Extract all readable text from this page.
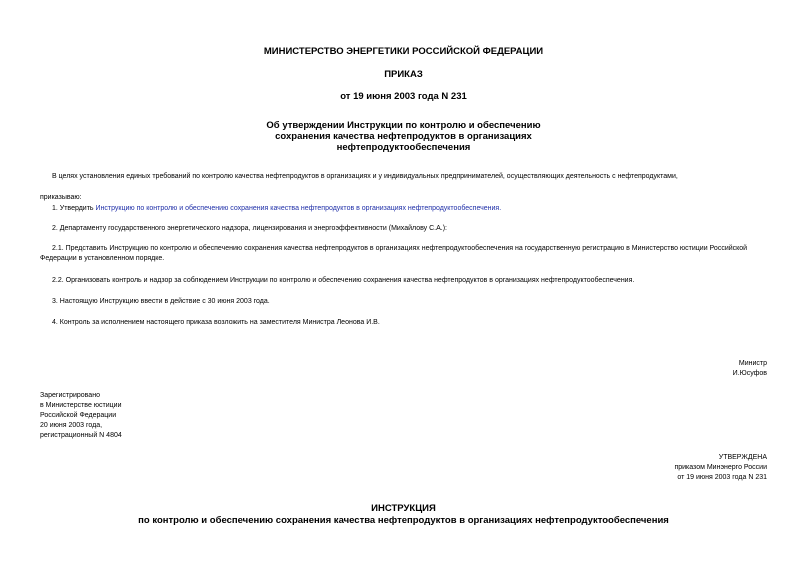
МИНИСТЕРСТВО ЭНЕРГЕТИКИ РОССИЙСКОЙ ФЕДЕРАЦИИ
ПРИКАЗ
от 19 июня 2003 года N 231
Об утверждении Инструкции по контролю и обеспечению
сохранения качества нефтепродуктов в организациях
нефтепродуктообеспечения
В целях установления единых требований по контролю качества нефтепродуктов в организациях и у индивидуальных предпринимателей, осуществляющих деятельность с нефтепродуктами,
приказываю:
1. Утвердить Инструкцию по контролю и обеспечению сохранения качества нефтепродуктов в организациях нефтепродуктообеспечения.
2. Департаменту государственного энергетического надзора, лицензирования и энергоэффективности (Михайлову С.А.):
2.1. Представить Инструкцию по контролю и обеспечению сохранения качества нефтепродуктов в организациях нефтепродуктообеспечения на государственную регистрацию в Министерство юстиции Российской
Федерации в установленном порядке.
2.2. Организовать контроль и надзор за соблюдением Инструкции по контролю и обеспечению сохранения качества нефтепродуктов в организациях нефтепродуктообеспечения.
3. Настоящую Инструкцию ввести в действие с 30 июня 2003 года.
4. Контроль за исполнением настоящего приказа возложить на заместителя Министра Леонова И.В.
Министр
И.Юсуфов
Зарегистрировано
в Министерстве юстиции
Российской Федерации
20 июня 2003 года,
регистрационный N 4804
УТВЕРЖДЕНА
приказом Минэнерго России
от 19 июня 2003 года N 231
ИНСТРУКЦИЯ
по контролю и обеспечению сохранения качества нефтепродуктов в организациях нефтепродуктообеспечения
